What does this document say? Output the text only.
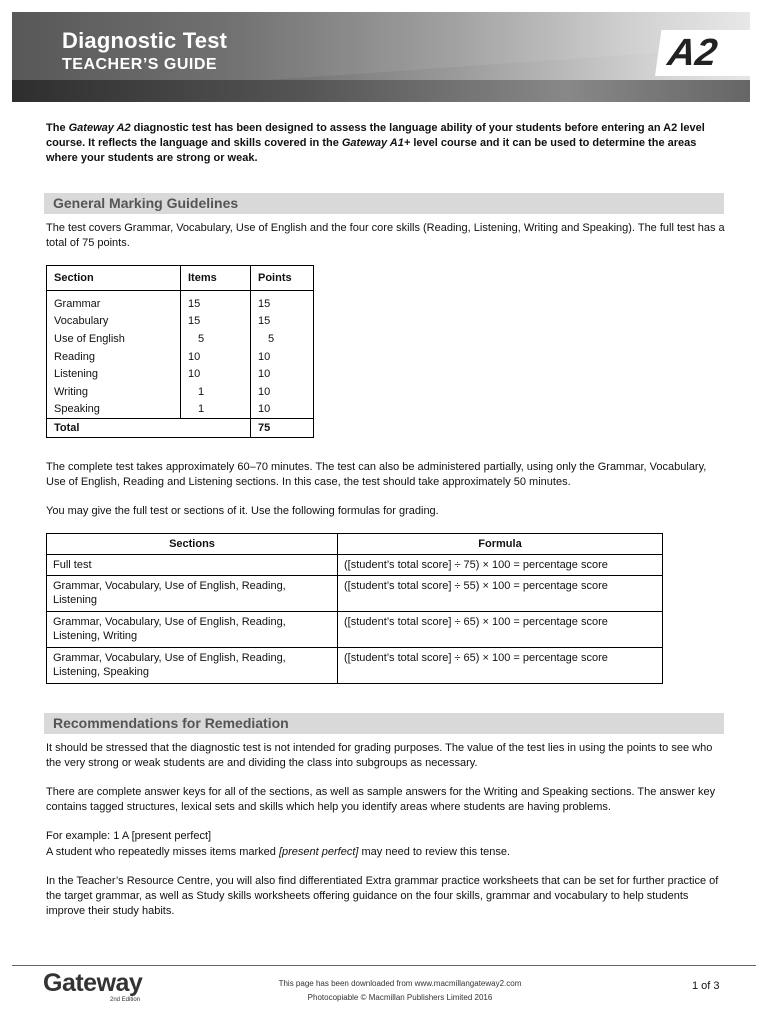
Diagnostic Test
TEACHER’S GUIDE	A2

The Gateway A2 diagnostic test has been designed to assess the language ability of your students before entering an A2 level course. It reflects the language and skills covered in the Gateway A1+ level course and it can be used to determine the areas where your students are strong or weak.

General Marking Guidelines

The test covers Grammar, Vocabulary, Use of English and the four core skills (Reading, Listening, Writing and Speaking). The full test has a total of 75 points.

Section	Items	Points
Grammar	15	15
Vocabulary	15	15
Use of English	5	5
Reading	10	10
Listening	10	10
Writing	1	10
Speaking	1	10
Total		75

The complete test takes approximately 60–70 minutes. The test can also be administered partially, using only the Grammar, Vocabulary, Use of English, Reading and Listening sections. In this case, the test should take approximately 50 minutes.

You may give the full test or sections of it. Use the following formulas for grading.

Sections	Formula
Full test	([student’s total score] ÷ 75) × 100 = percentage score
Grammar, Vocabulary, Use of English, Reading, Listening	([student’s total score] ÷ 55) × 100 = percentage score
Grammar, Vocabulary, Use of English, Reading, Listening, Writing	([student’s total score] ÷ 65) × 100 = percentage score
Grammar, Vocabulary, Use of English, Reading, Listening, Speaking	([student’s total score] ÷ 65) × 100 = percentage score
Recommendations for Remediation

It should be stressed that the diagnostic test is not intended for grading purposes. The value of the test lies in using the points to see who the very strong or weak students are and dividing the class into subgroups as necessary.

There are complete answer keys for all of the sections, as well as sample answers for the Writing and Speaking sections. The answer key contains tagged structures, lexical sets and skills which help you identify areas where students are having problems.

For example: 1 A [present perfect]

A student who repeatedly misses items marked [present perfect] may need to review this tense.

In the Teacher’s Resource Centre, you will also find differentiated Extra grammar practice worksheets that can be set for further practice of the target grammar, as well as Study skills worksheets offering guidance on the four skills, grammar and vocabulary to help students improve their study habits.

Gateway
2nd Edition
This page has been downloaded from www.macmillangateway2.com
Photocopiable © Macmillan Publishers Limited 2016
1 of 3
